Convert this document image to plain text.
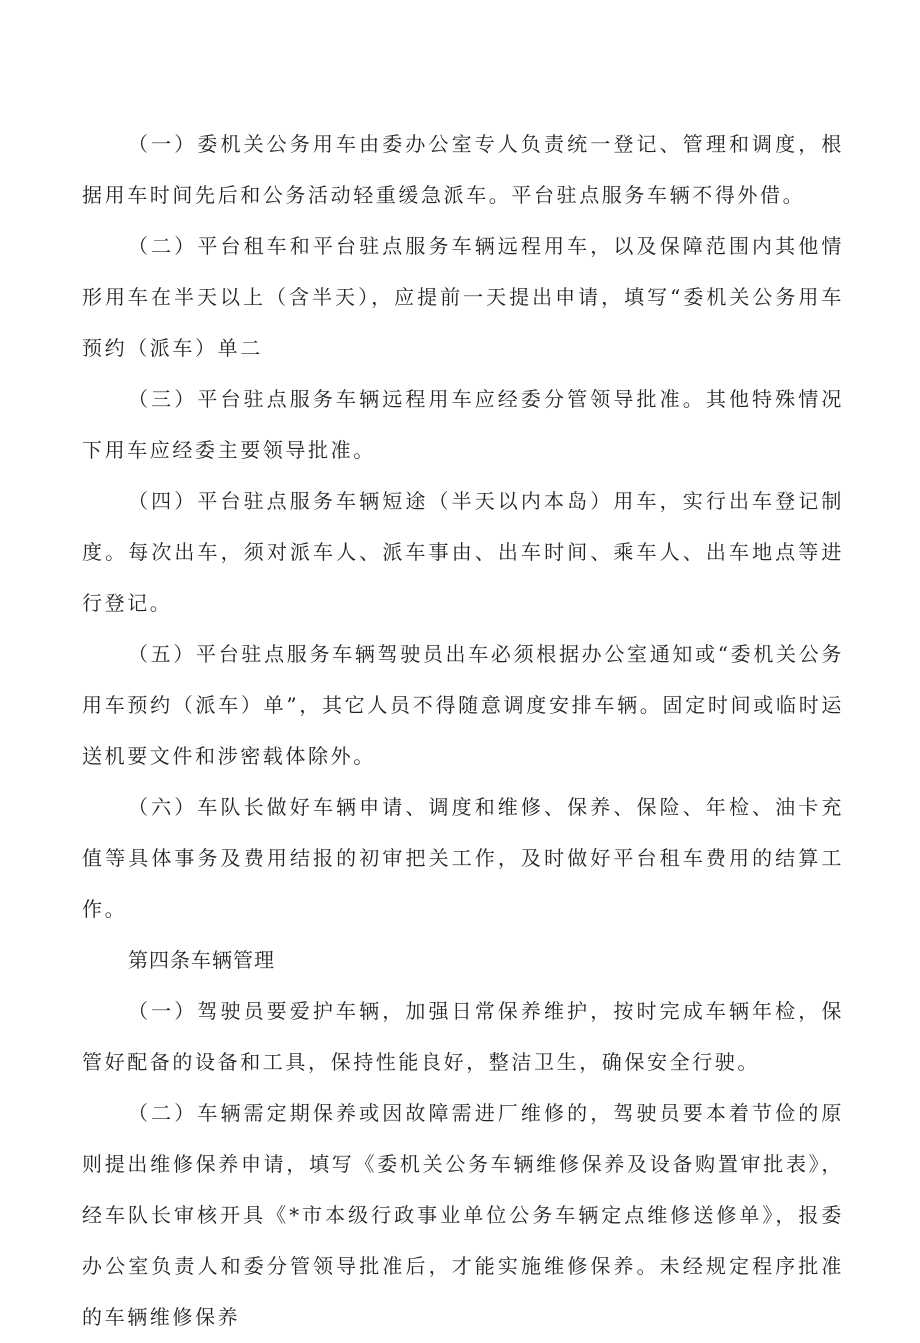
（一）委机关公务用车由委办公室专人负责统一登记、管理和调度，根据用车时间先后和公务活动轻重缓急派车。平台驻点服务车辆不得外借。

（二）平台租车和平台驻点服务车辆远程用车，以及保障范围内其他情形用车在半天以上（含半天），应提前一天提出申请，填写“委机关公务用车预约（派车）单二

（三）平台驻点服务车辆远程用车应经委分管领导批准。其他特殊情况下用车应经委主要领导批准。

（四）平台驻点服务车辆短途（半天以内本岛）用车，实行出车登记制度。每次出车，须对派车人、派车事由、出车时间、乘车人、出车地点等进行登记。

（五）平台驻点服务车辆驾驶员出车必须根据办公室通知或“委机关公务用车预约（派车）单”，其它人员不得随意调度安排车辆。固定时间或临时运送机要文件和涉密载体除外。

（六）车队长做好车辆申请、调度和维修、保养、保险、年检、油卡充值等具体事务及费用结报的初审把关工作，及时做好平台租车费用的结算工作。

第四条车辆管理

（一）驾驶员要爱护车辆，加强日常保养维护，按时完成车辆年检，保管好配备的设备和工具，保持性能良好，整洁卫生，确保安全行驶。

（二）车辆需定期保养或因故障需进厂维修的，驾驶员要本着节俭的原则提出维修保养申请，填写《委机关公务车辆维修保养及设备购置审批表》，经车队长审核开具《*市本级行政事业单位公务车辆定点维修送修单》，报委办公室负责人和委分管领导批准后，才能实施维修保养。未经规定程序批准的车辆维修保养
